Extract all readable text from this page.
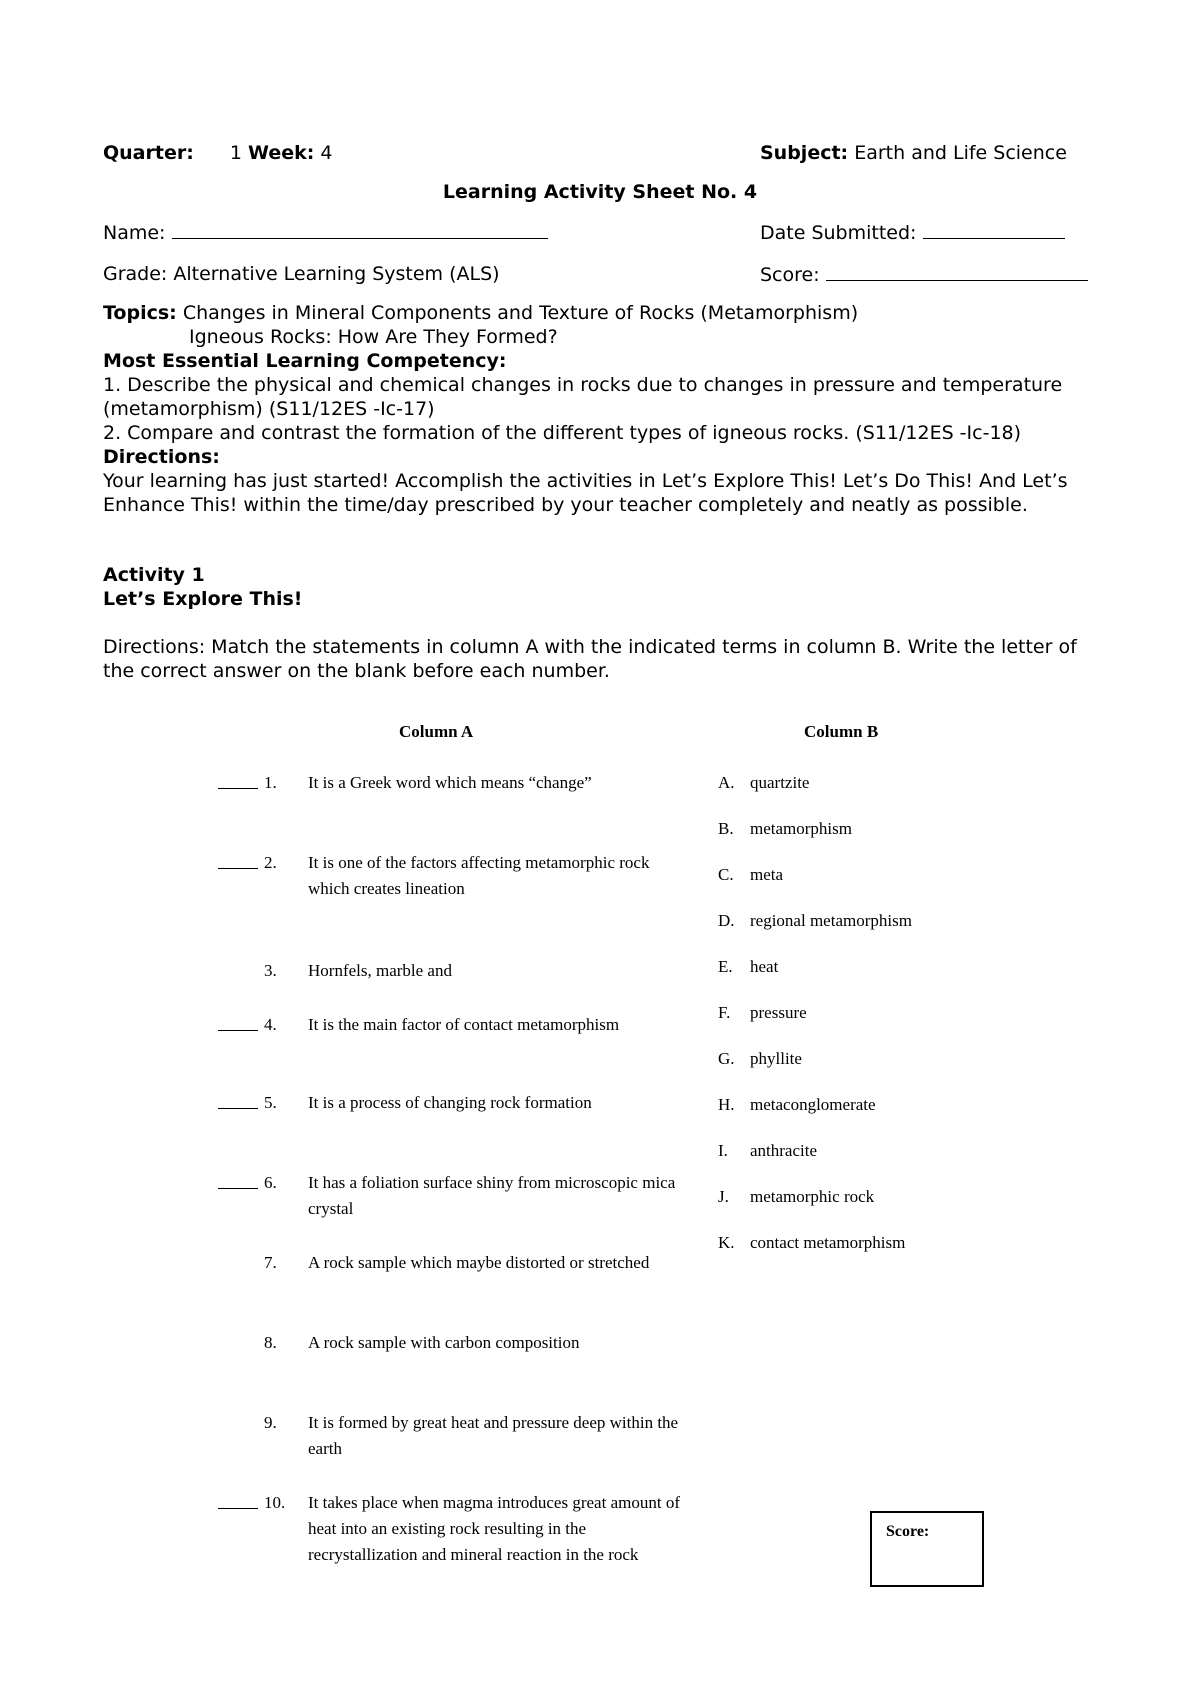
Quarter: 1 Week: 4	Subject: Earth and Life Science
Learning Activity Sheet No. 4
Name:	Date Submitted:
Grade: Alternative Learning System (ALS)	Score:
Topics: Changes in Mineral Components and Texture of Rocks (Metamorphism)
Igneous Rocks: How Are They Formed?
Most Essential Learning Competency:
1. Describe the physical and chemical changes in rocks due to changes in pressure and temperature (metamorphism) (S11/12ES -Ic-17)
2. Compare and contrast the formation of the different types of igneous rocks. (S11/12ES -Ic-18)
Directions:
Your learning has just started! Accomplish the activities in Let’s Explore This! Let’s Do This! And Let’s Enhance This! within the time/day prescribed by your teacher completely and neatly as possible.
Activity 1
Let’s Explore This!
Directions: Match the statements in column A with the indicated terms in column B. Write the letter of the correct answer on the blank before each number.
Column A	Column B
1. It is a Greek word which means “change”
2. It is one of the factors affecting metamorphic rock which creates lineation
3. Hornfels, marble and
4. It is the main factor of contact metamorphism
5. It is a process of changing rock formation
6. It has a foliation surface shiny from microscopic mica crystal
7. A rock sample which maybe distorted or stretched
8. A rock sample with carbon composition
9. It is formed by great heat and pressure deep within the earth
10. It takes place when magma introduces great amount of heat into an existing rock resulting in the recrystallization and mineral reaction in the rock
A. quartzite
B. metamorphism
C. meta
D. regional metamorphism
E. heat
F. pressure
G. phyllite
H. metaconglomerate
I. anthracite
J. metamorphic rock
K. contact metamorphism
Score:
